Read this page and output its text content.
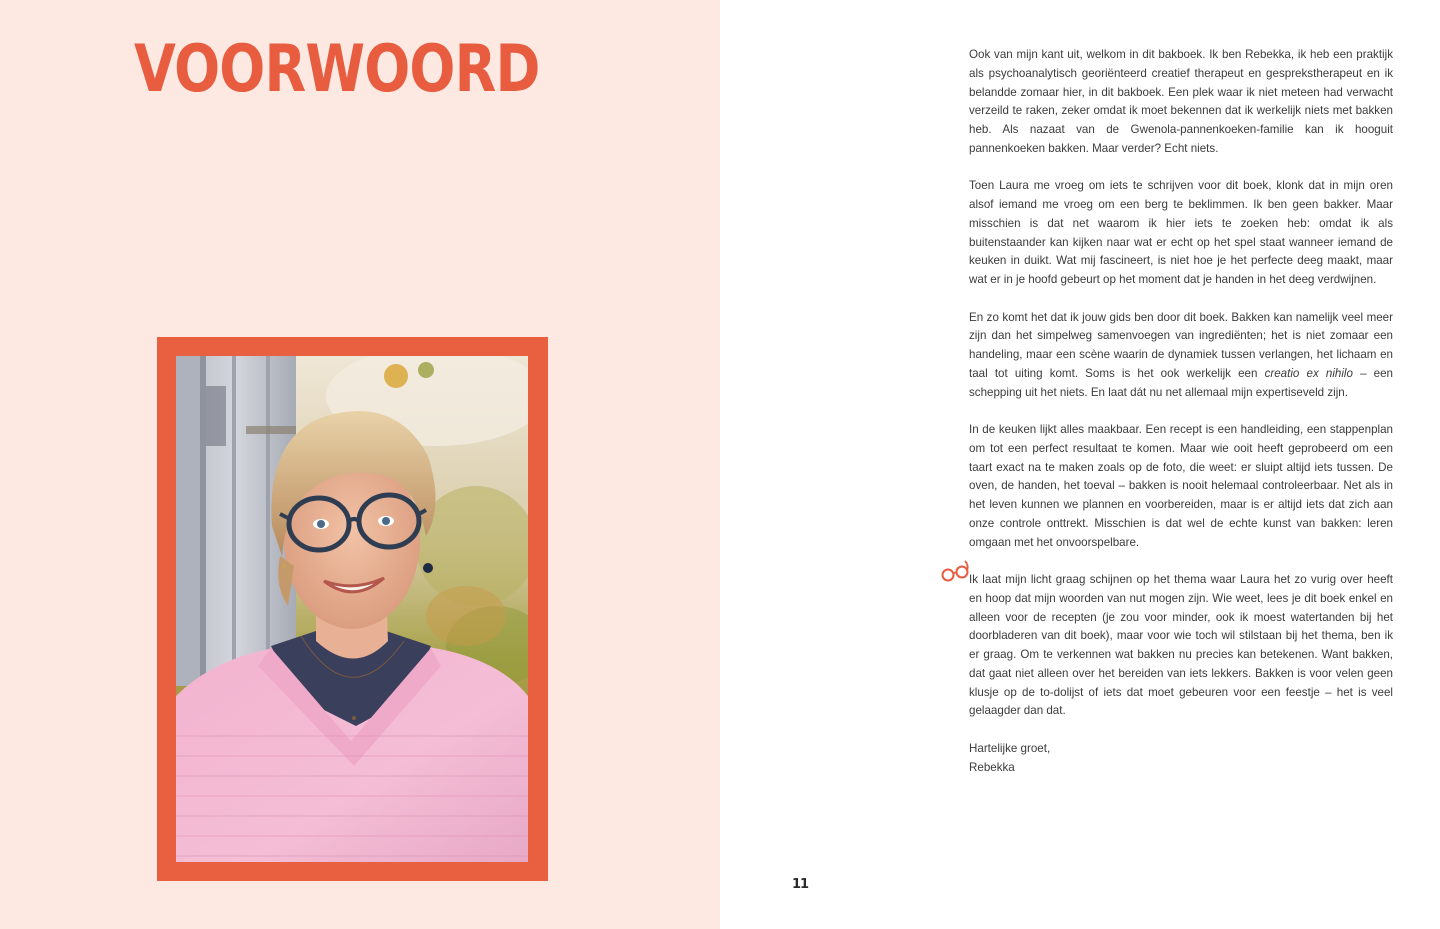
VOORWOORD	Ook van mijn kant uit, welkom in dit bakboek. Ik ben Rebekka, ik heb een praktijk als psychoanalytisch georiënteerd creatief therapeut en gesprekstherapeut en ik belandde zomaar hier, in dit bakboek. Een plek waar ik niet meteen had verwacht verzeild te raken, zeker omdat ik moet bekennen dat ik werkelijk niets met bakken heb. Als nazaat van de Gwenola-pannenkoeken-familie kan ik hooguit pannenkoeken bakken. Maar verder? Echt niets.

Toen Laura me vroeg om iets te schrijven voor dit boek, klonk dat in mijn oren alsof iemand me vroeg om een berg te beklimmen. Ik ben geen bakker. Maar misschien is dat net waarom ik hier iets te zoeken heb: omdat ik als buitenstaander kan kijken naar wat er echt op het spel staat wanneer iemand de keuken in duikt. Wat mij fascineert, is niet hoe je het perfecte deeg maakt, maar wat er in je hoofd gebeurt op het moment dat je handen in het deeg verdwijnen.

En zo komt het dat ik jouw gids ben door dit boek. Bakken kan namelijk veel meer zijn dan het simpelweg samenvoegen van ingrediënten; het is niet zomaar een handeling, maar een scène waarin de dynamiek tussen verlangen, het lichaam en taal tot uiting komt. Soms is het ook werkelijk een creatio ex nihilo – een schepping uit het niets. En laat dát nu net allemaal mijn expertiseveld zijn.

In de keuken lijkt alles maakbaar. Een recept is een handleiding, een stappenplan om tot een perfect resultaat te komen. Maar wie ooit heeft geprobeerd om een taart exact na te maken zoals op de foto, die weet: er sluipt altijd iets tussen. De oven, de handen, het toeval – bakken is nooit helemaal controleerbaar. Net als in het leven kunnen we plannen en voorbereiden, maar is er altijd iets dat zich aan onze controle onttrekt. Misschien is dat wel de echte kunst van bakken: leren omgaan met het onvoorspelbare.

Ik laat mijn licht graag schijnen op het thema waar Laura het zo vurig over heeft en hoop dat mijn woorden van nut mogen zijn. Wie weet, lees je dit boek enkel en alleen voor de recepten (je zou voor minder, ook ik moest watertanden bij het doorbladeren van dit boek), maar voor wie toch wil stilstaan bij het thema, ben ik er graag. Om te verkennen wat bakken nu precies kan betekenen. Want bakken, dat gaat niet alleen over het bereiden van iets lekkers. Bakken is voor velen geen klusje op de to-dolijst of iets dat moet gebeuren voor een feestje – het is veel gelaagder dan dat.

Hartelijke groet,
Rebekka

11
